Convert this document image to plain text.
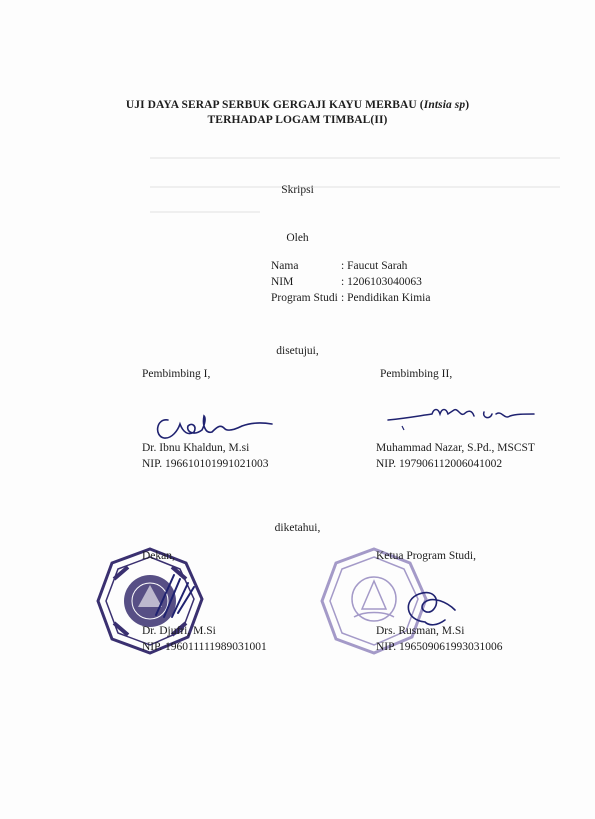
UJI DAYA SERAP SERBUK GERGAJI KAYU MERBAU (Intsia sp)
TERHADAP LOGAM TIMBAL(II)
Skripsi
Oleh
Nama	: Faucut Sarah
NIM	: 1206103040063
Program Studi : Pendidikan Kimia
disetujui,
Pembimbing I,	Pembimbing II,
Dr. Ibnu Khaldun, M.si
NIP. 196610101991021003
Muhammad Nazar, S.Pd., MSCST
NIP. 197906112006041002
diketahui,
Dekan,	Ketua Program Studi,
Dr. Djufri, M.Si
NIP. 196011111989031001
Drs. Rusman, M.Si
NIP. 196509061993031006
